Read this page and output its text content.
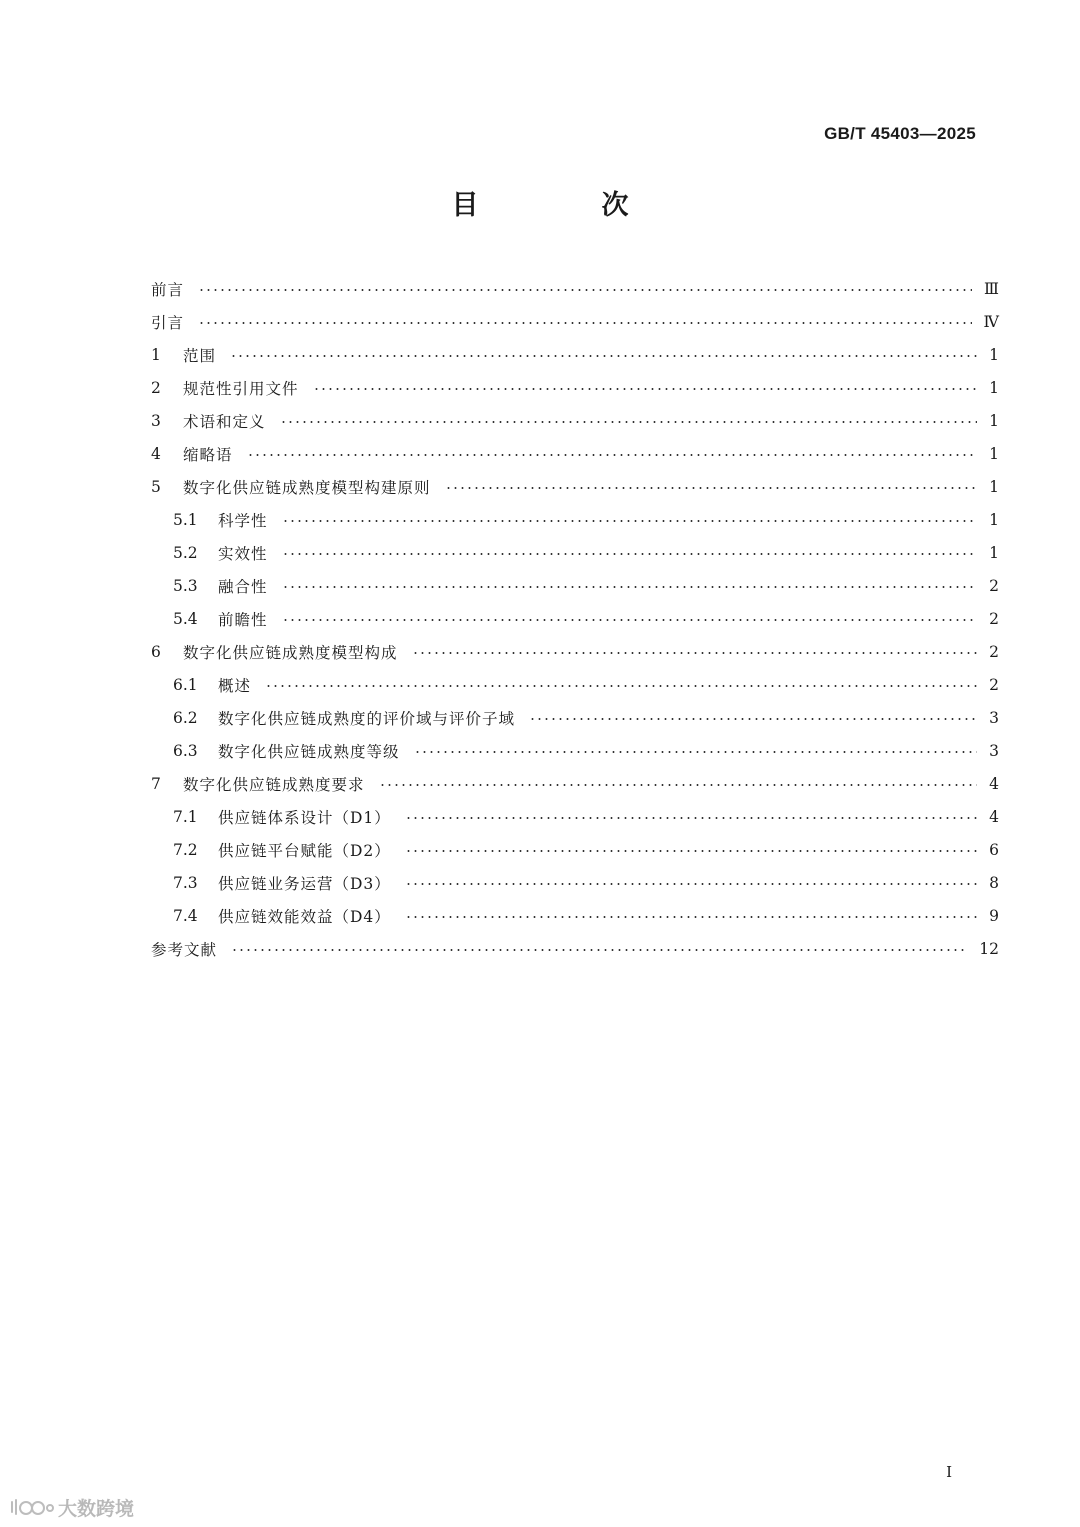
GB/T 45403—2025
目　次
前言	Ⅲ
引言	Ⅳ
1	范围	1
2	规范性引用文件	1
3	术语和定义	1
4	缩略语	1
5	数字化供应链成熟度模型构建原则	1
5.1	科学性	1
5.2	实效性	1
5.3	融合性	2
5.4	前瞻性	2
6	数字化供应链成熟度模型构成	2
6.1	概述	2
6.2	数字化供应链成熟度的评价域与评价子域	3
6.3	数字化供应链成熟度等级	3
7	数字化供应链成熟度要求	4
7.1	供应链体系设计（D1）	4
7.2	供应链平台赋能（D2）	6
7.3	供应链业务运营（D3）	8
7.4	供应链效能效益（D4）	9
参考文献	12
Ⅰ
大数跨境
